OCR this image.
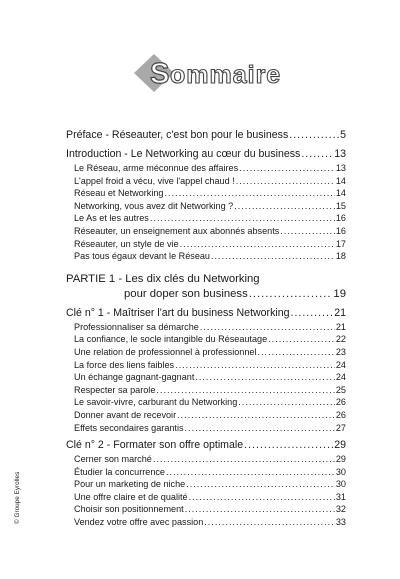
S ommaire
Préface - Réseauter, c'est bon pour le business .....	5
Introduction - Le Networking au cœur du business .....	13
Le Réseau, arme méconnue des affaires .....	13
L'appel froid a vécu, vive l'appel chaud ! .....	14
Réseau et Networking .....	14
Networking, vous avez dit Networking ? .....	15
Le As et les autres .....	16
Réseauter, un enseignement aux abonnés absents .....	16
Réseauter, un style de vie .....	17
Pas tous égaux devant le Réseau .....	18
PARTIE 1 - Les dix clés du Networking
pour doper son business .....	19
Clé n° 1 - Maîtriser l'art du business Networking .....	21
Professionnaliser sa démarche .....	21
La confiance, le socle intangible du Réseautage .....	22
Une relation de professionnel à professionnel .....	23
La force des liens faibles .....	24
Un échange gagnant-gagnant .....	24
Respecter sa parole .....	25
Le savoir-vivre, carburant du Networking .....	26
Donner avant de recevoir .....	26
Effets secondaires garantis .....	27
Clé n° 2 - Formater son offre optimale .....	29
Cerner son marché .....	29
Étudier la concurrence .....	30
Pour un marketing de niche .....	30
Une offre claire et de qualité .....	31
Choisir son positionnement .....	32
Vendez votre offre avec passion .....	33
© Groupe Eyrolles
